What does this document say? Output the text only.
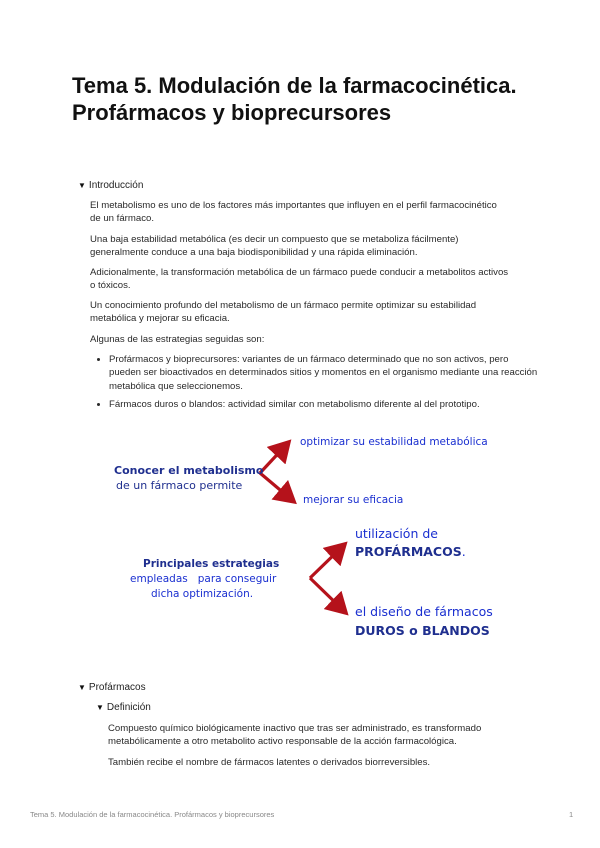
Tema 5. Modulación de la farmacocinética. Profármacos y bioprecursores
▼ Introducción

El metabolismo es uno de los factores más importantes que influyen en el perfil farmacocinético de un fármaco.

Una baja estabilidad metabólica (es decir un compuesto que se metaboliza fácilmente) generalmente conduce a una baja biodisponibilidad y una rápida eliminación.

Adicionalmente, la transformación metabólica de un fármaco puede conducir a metabolitos activos o tóxicos.

Un conocimiento profundo del metabolismo de un fármaco permite optimizar su estabilidad metabólica y mejorar su eficacia.

Algunas de las estrategias seguidas son:

• Profármacos y bioprecursores: variantes de un fármaco determinado que no son activos, pero pueden ser bioactivados en determinados sitios y momentos en el organismo mediante una reacción metabólica que seleccionemos.
• Fármacos duros o blandos: actividad similar con metabolismo diferente al del prototipo.
Conocer el metabolismo
de un fármaco permite
optimizar su estabilidad metabólica
mejorar su eficacia
Principales estrategias
empleadas   para conseguir
dicha optimización.
utilización de
PROFÁRMACOS.
el diseño de fármacos
DUROS o BLANDOS
▼ Profármacos
▼ Definición

Compuesto químico biológicamente inactivo que tras ser administrado, es transformado metabólicamente a otro metabolito activo responsable de la acción farmacológica.

También recibe el nombre de fármacos latentes o derivados biorreversibles.

Tema 5. Modulación de la farmacocinética. Profármacos y bioprecursores	1
